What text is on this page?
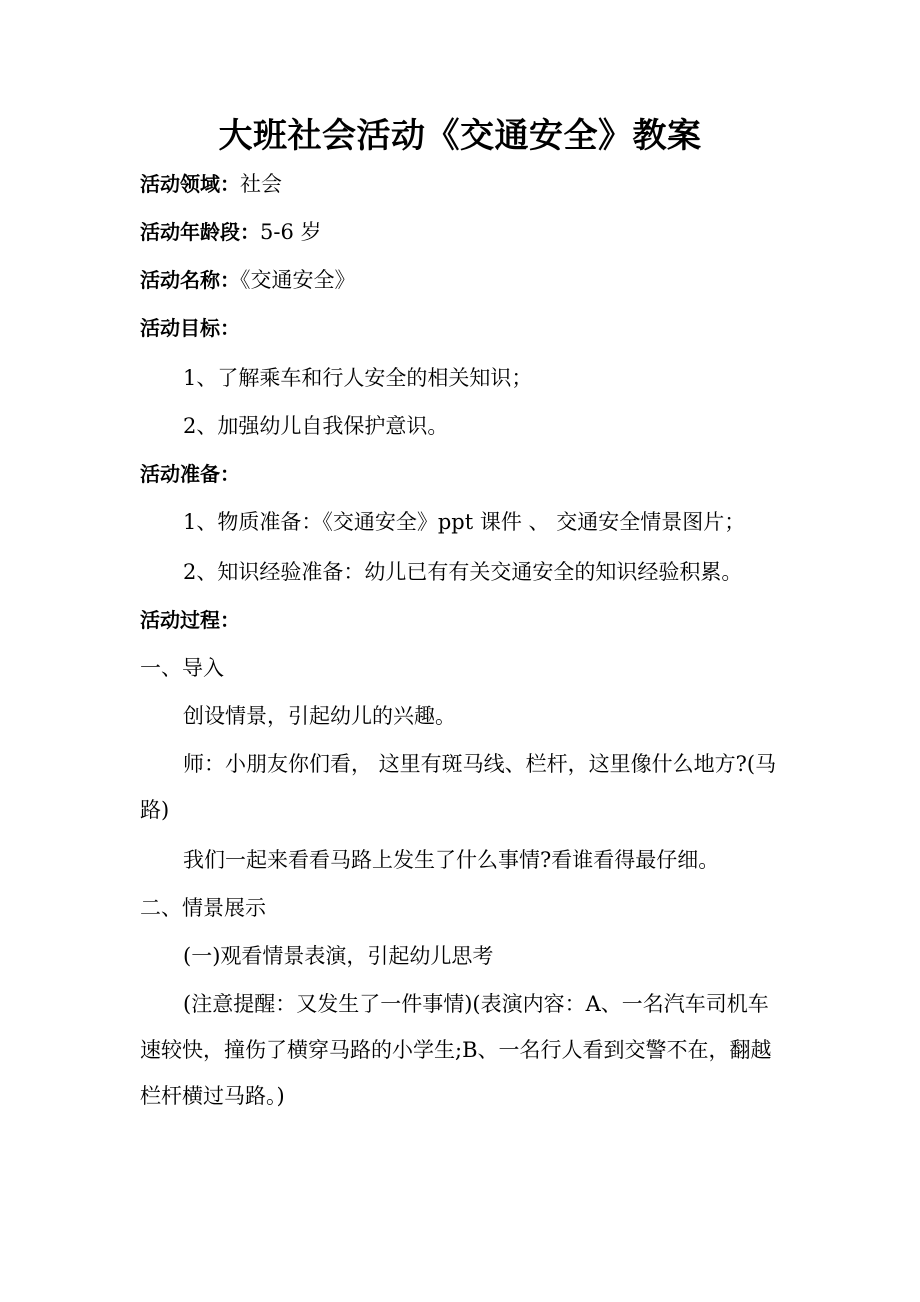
大班社会活动《交通安全》教案
活动领域：社会
活动年龄段：5-6 岁
活动名称：《交通安全》
活动目标：
1、了解乘车和行人安全的相关知识；
2、加强幼儿自我保护意识。
活动准备：
1、物质准备：《交通安全》ppt 课件 、 交通安全情景图片；
2、知识经验准备：幼儿已有有关交通安全的知识经验积累。
活动过程：
一、导入
创设情景，引起幼儿的兴趣。
师：小朋友你们看， 这里有斑马线、栏杆，这里像什么地方?(马路)
我们一起来看看马路上发生了什么事情?看谁看得最仔细。
二、情景展示
(一)观看情景表演，引起幼儿思考
(注意提醒：又发生了一件事情)(表演内容：A、一名汽车司机车速较快，撞伤了横穿马路的小学生;B、一名行人看到交警不在，翻越栏杆横过马路。)
